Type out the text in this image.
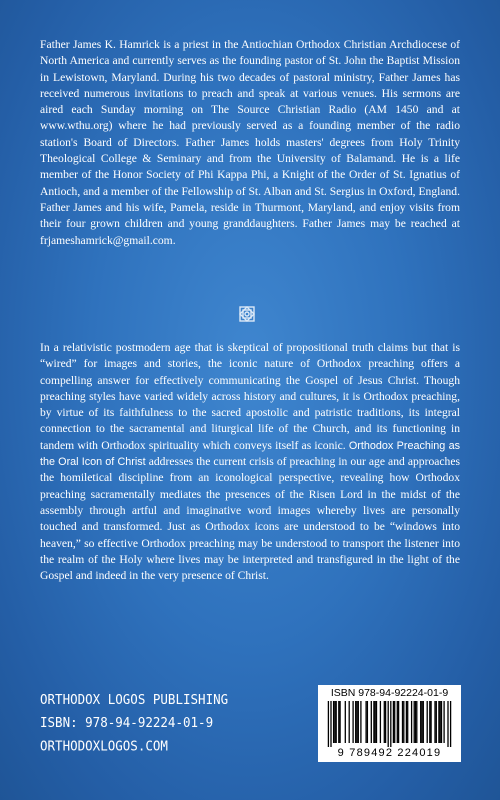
Father James K. Hamrick is a priest in the Antiochian Orthodox Christian Archdiocese of North America and currently serves as the founding pastor of St. John the Baptist Mission in Lewistown, Maryland. During his two decades of pastoral ministry, Father James has received numerous invitations to preach and speak at various venues. His sermons are aired each Sunday morning on The Source Christian Radio (AM 1450 and at www.wthu.org) where he had previously served as a founding member of the radio station's Board of Directors. Father James holds masters' degrees from Holy Trinity Theological College & Seminary and from the University of Balamand. He is a life member of the Honor Society of Phi Kappa Phi, a Knight of the Order of St. Ignatius of Antioch, and a member of the Fellowship of St. Alban and St. Sergius in Oxford, England. Father James and his wife, Pamela, reside in Thurmont, Maryland, and enjoy visits from their four grown children and young granddaughters. Father James may be reached at frjameshamrick@gmail.com.

In a relativistic postmodern age that is skeptical of propositional truth claims but that is “wired” for images and stories, the iconic nature of Orthodox preaching offers a compelling answer for effectively communicating the Gospel of Jesus Christ. Though preaching styles have varied widely across history and cultures, it is Orthodox preaching, by virtue of its faithfulness to the sacred apostolic and patristic traditions, its integral connection to the sacramental and liturgical life of the Church, and its functioning in tandem with Orthodox spirituality which conveys itself as iconic. Orthodox Preaching as the Oral Icon of Christ addresses the current crisis of preaching in our age and approaches the homiletical discipline from an iconological perspective, revealing how Orthodox preaching sacramentally mediates the presences of the Risen Lord in the midst of the assembly through artful and imaginative word images whereby lives are personally touched and transformed. Just as Orthodox icons are understood to be “windows into heaven,” so effective Orthodox preaching may be understood to transport the listener into the realm of the Holy where lives may be interpreted and transfigured in the light of the Gospel and indeed in the very presence of Christ.

ORTHODOX LOGOS PUBLISHING
ISBN: 978-94-92224-01-9
ORTHODOXLOGOS.COM
ISBN 978-94-92224-01-9
9 789492 224019
